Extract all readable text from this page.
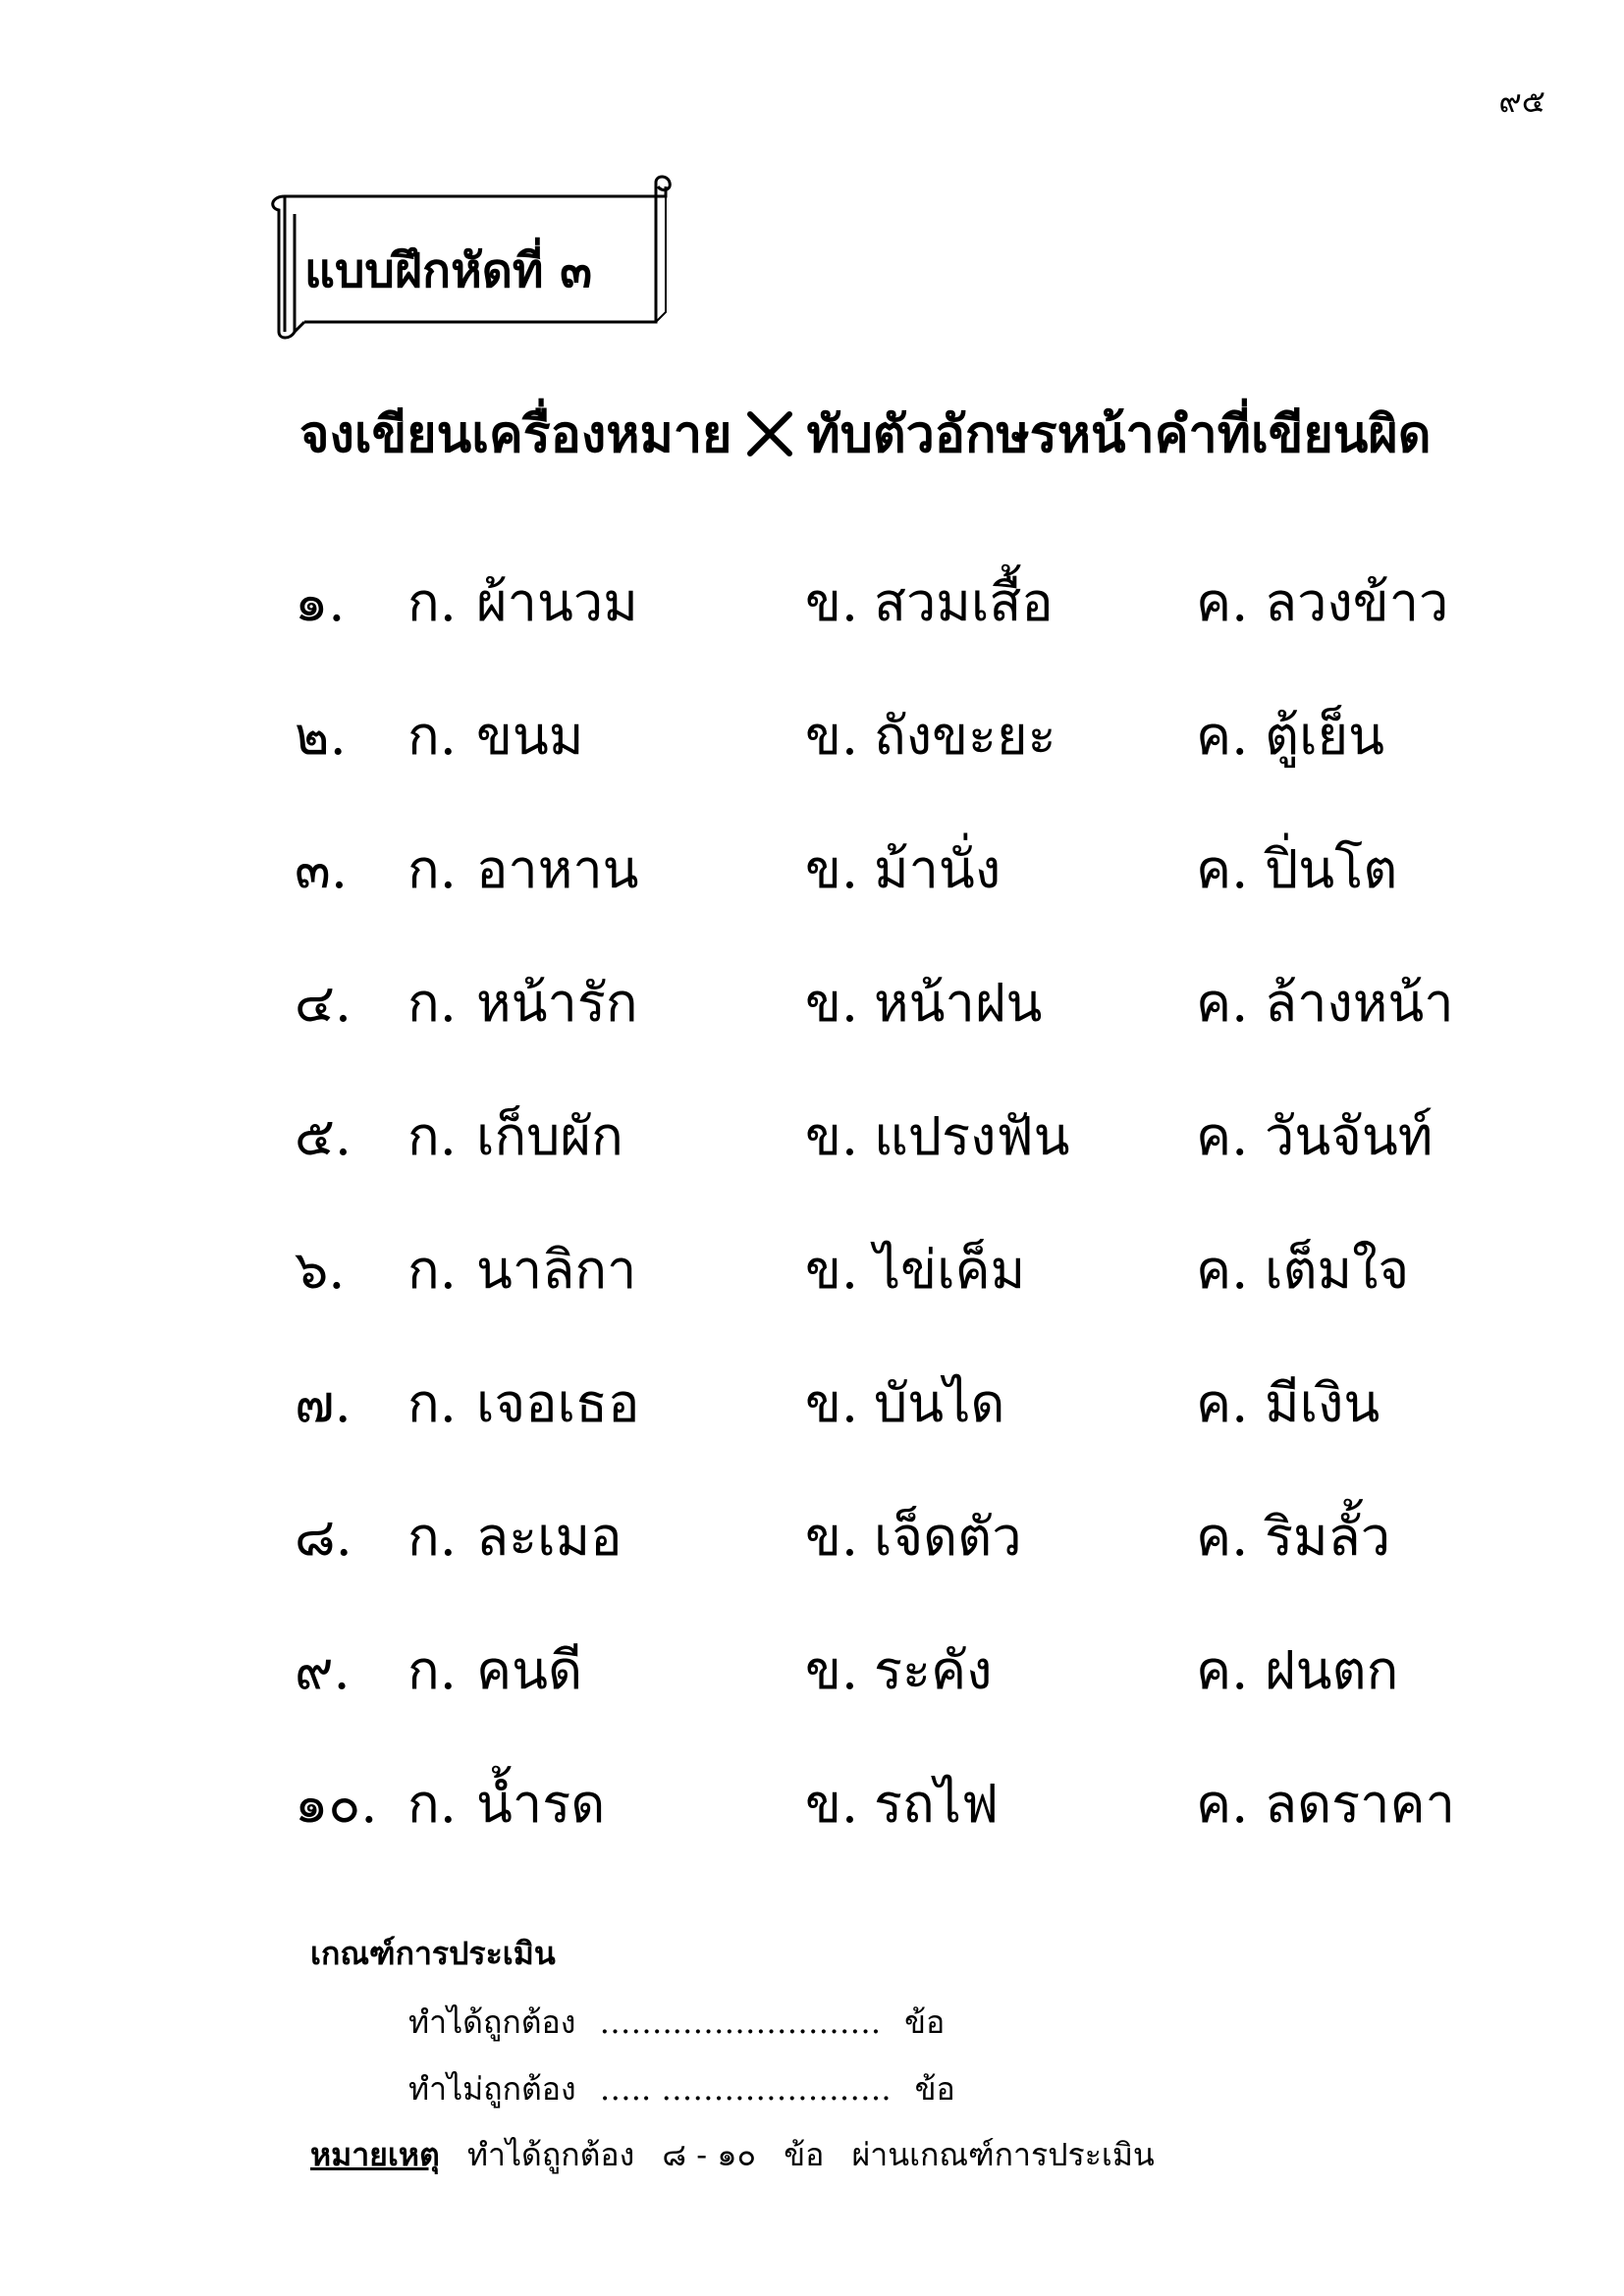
๙๕
แบบฝึกหัดที่ ๓
จงเขียนเครื่องหมาย ทับตัวอักษรหน้าคำที่เขียนผิด
๑. ก. ผ้านวม	ข. สวมเสื้อ	ค. ลวงข้าว
๒. ก. ขนม	ข. ถังขะยะ	ค. ตู้เย็น
๓. ก. อาหาน	ข. ม้านั่ง	ค. ปิ่นโต
๔. ก. หน้ารัก	ข. หน้าฝน	ค. ล้างหน้า
๕. ก. เก็บผัก	ข. แปรงฟัน ค. วันจันท์
๖. ก. นาลิกา	ข. ไข่เค็ม	ค. เต็มใจ
๗. ก. เจอเธอ	ข. บันได	ค. มีเงิน
๘. ก. ละเมอ	ข. เจ็ดตัว	ค. ริมลั้ว
๙. ก. คนดี	ข. ระคัง	ค. ฝนตก
๑๐. ก. น้ำรด	ข. รถไฟ	ค. ลดราคา
เกณฑ์การประเมิน
ทำได้ถูกต้อง ……..………………. ข้อ
ทำไม่ถูกต้อง ….. …………………. ข้อ
หมายเหตุ ทำได้ถูกต้อง ๘ - ๑๐ ข้อ ผ่านเกณฑ์การประเมิน
